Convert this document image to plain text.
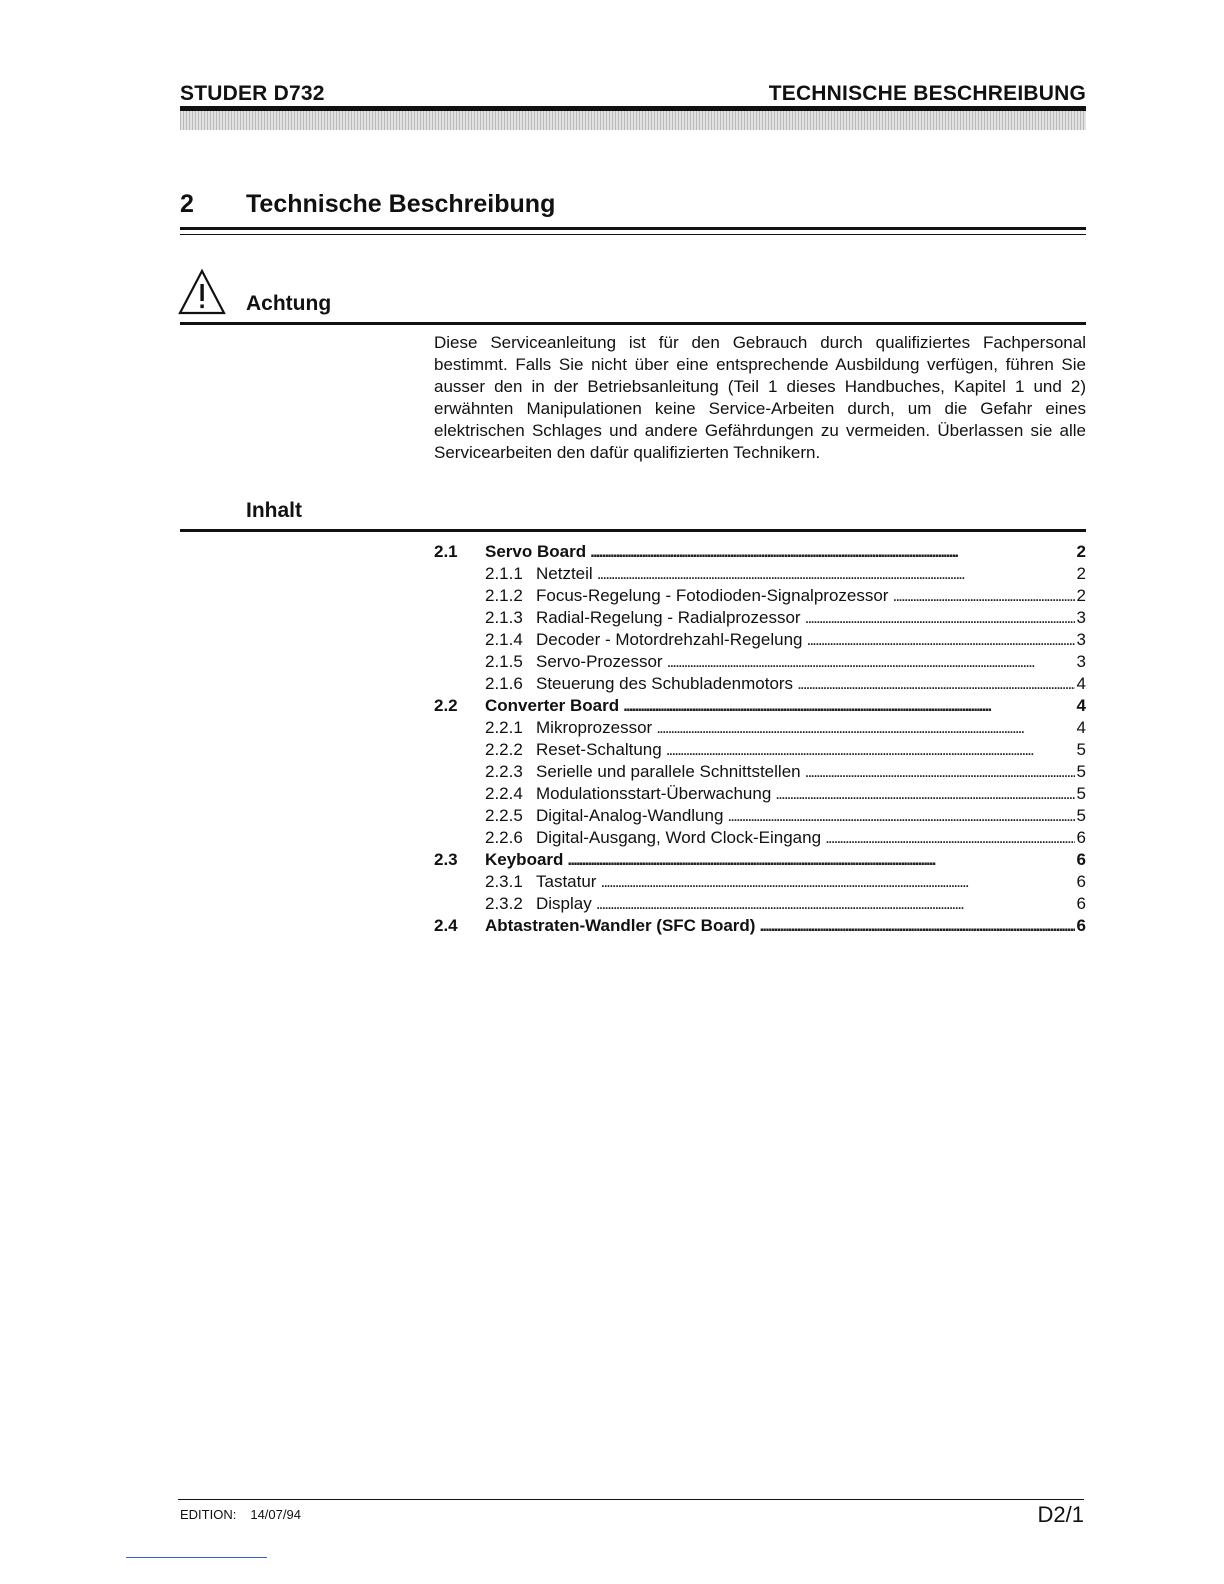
STUDER D732	TECHNISCHE BESCHREIBUNG
2 Technische Beschreibung
Achtung
Diese Serviceanleitung ist für den Gebrauch durch qualifiziertes Fachpersonal bestimmt. Falls Sie nicht über eine entsprechende Ausbildung verfügen, führen Sie ausser den in der Betriebsanleitung (Teil 1 dieses Handbuches, Kapitel 1 und 2) erwähnten Manipulationen keine Service-Arbeiten durch, um die Gefahr eines elektrischen Schlages und andere Gefährdungen zu vermeiden. Überlassen sie alle Servicearbeiten den dafür qualifizierten Technikern.
Inhalt
2.1	Servo Board . . .	2
2.1.1 Netzteil . . .	2
2.1.2 Focus-Regelung - Fotodioden-Signalprozessor . . .	2
2.1.3 Radial-Regelung - Radialprozessor . . .	3
2.1.4 Decoder - Motordrehzahl-Regelung . . .	3
2.1.5 Servo-Prozessor . . .	3
2.1.6 Steuerung des Schubladenmotors . . .	4
2.2	Converter Board . . .	4
2.2.1 Mikroprozessor . . .	4
2.2.2 Reset-Schaltung . . .	5
2.2.3 Serielle und parallele Schnittstellen . . .	5
2.2.4 Modulationsstart-Überwachung . . .	5
2.2.5 Digital-Analog-Wandlung . . .	5
2.2.6 Digital-Ausgang, Word Clock-Eingang . . .	6
2.3	Keyboard . . .	6
2.3.1 Tastatur . . .	6
2.3.2 Display . . .	6
2.4	Abtastraten-Wandler (SFC Board) . . .	6
EDITION: 14/07/94	D2/1
